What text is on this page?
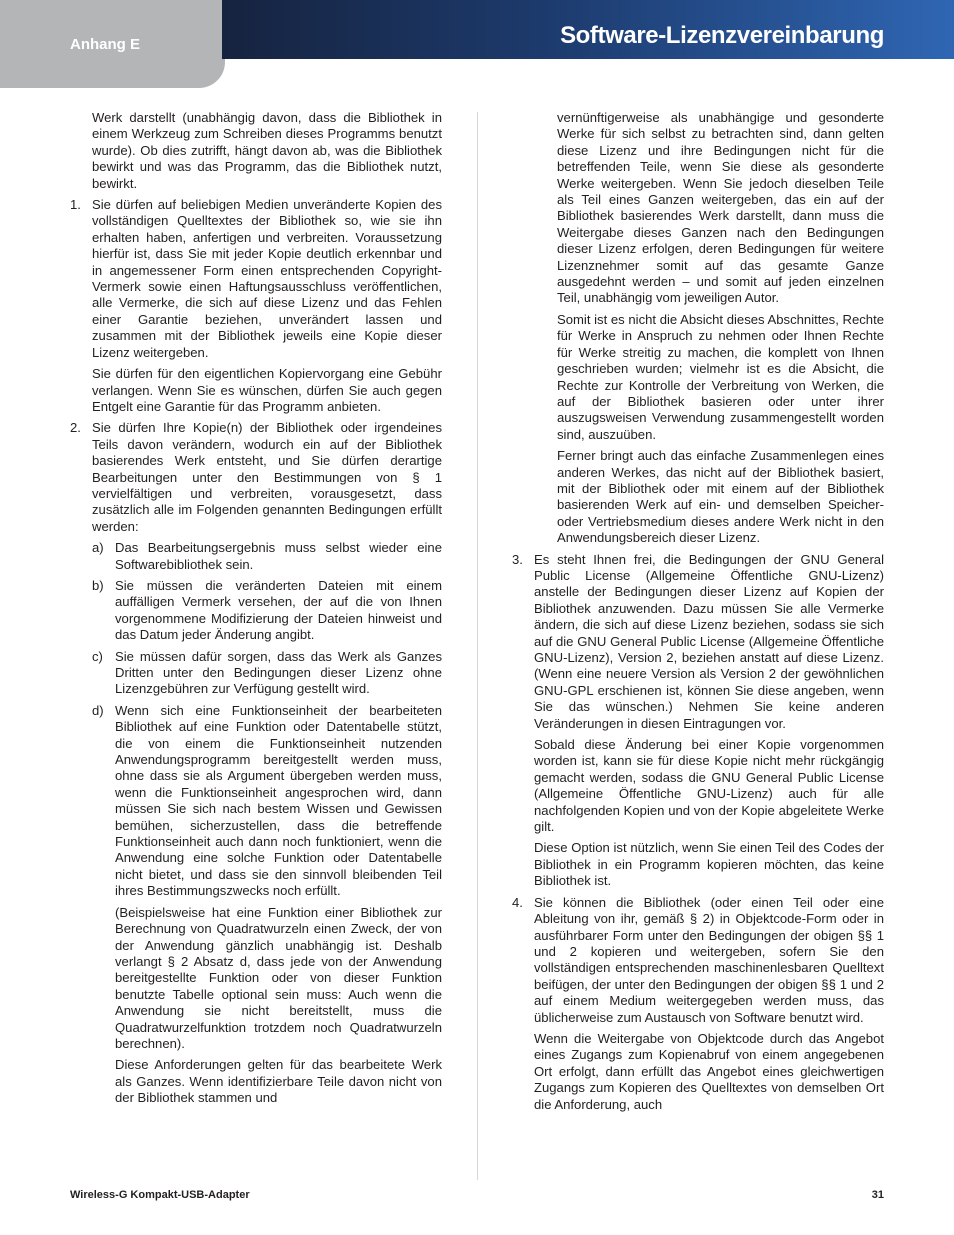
Anhang E	Software-Lizenzvereinbarung

Werk darstellt (unabhängig davon, dass die Bibliothek in einem Werkzeug zum Schreiben dieses Programms benutzt wurde). Ob dies zutrifft, hängt davon ab, was die Bibliothek bewirkt und was das Programm, das die Bibliothek nutzt, bewirkt.

1. Sie dürfen auf beliebigen Medien unveränderte Kopien des vollständigen Quelltextes der Bibliothek so, wie sie ihn erhalten haben, anfertigen und verbreiten. Voraussetzung hierfür ist, dass Sie mit jeder Kopie deutlich erkennbar und in angemessener Form einen entsprechenden Copyright-Vermerk sowie einen Haftungsausschluss veröffentlichen, alle Vermerke, die sich auf diese Lizenz und das Fehlen einer Garantie beziehen, unverändert lassen und zusammen mit der Bibliothek jeweils eine Kopie dieser Lizenz weitergeben.

Sie dürfen für den eigentlichen Kopiervorgang eine Gebühr verlangen. Wenn Sie es wünschen, dürfen Sie auch gegen Entgelt eine Garantie für das Programm anbieten.

2. Sie dürfen Ihre Kopie(n) der Bibliothek oder irgendeines Teils davon verändern, wodurch ein auf der Bibliothek basierendes Werk entsteht, und Sie dürfen derartige Bearbeitungen unter den Bestimmungen von § 1 vervielfältigen und verbreiten, vorausgesetzt, dass zusätzlich alle im Folgenden genannten Bedingungen erfüllt werden:

a) Das Bearbeitungsergebnis muss selbst wieder eine Softwarebibliothek sein.

b) Sie müssen die veränderten Dateien mit einem auffälligen Vermerk versehen, der auf die von Ihnen vorgenommene Modifizierung der Dateien hinweist und das Datum jeder Änderung angibt.

c) Sie müssen dafür sorgen, dass das Werk als Ganzes Dritten unter den Bedingungen dieser Lizenz ohne Lizenzgebühren zur Verfügung gestellt wird.

d) Wenn sich eine Funktionseinheit der bearbeiteten Bibliothek auf eine Funktion oder Datentabelle stützt, die von einem die Funktionseinheit nutzenden Anwendungsprogramm bereitgestellt werden muss, ohne dass sie als Argument übergeben werden muss, wenn die Funktionseinheit angesprochen wird, dann müssen Sie sich nach bestem Wissen und Gewissen bemühen, sicherzustellen, dass die betreffende Funktionseinheit auch dann noch funktioniert, wenn die Anwendung eine solche Funktion oder Datentabelle nicht bietet, und dass sie den sinnvoll bleibenden Teil ihres Bestimmungszwecks noch erfüllt.

(Beispielsweise hat eine Funktion einer Bibliothek zur Berechnung von Quadratwurzeln einen Zweck, der von der Anwendung gänzlich unabhängig ist. Deshalb verlangt § 2 Absatz d, dass jede von der Anwendung bereitgestellte Funktion oder von dieser Funktion benutzte Tabelle optional sein muss: Auch wenn die Anwendung sie nicht bereitstellt, muss die Quadratwurzelfunktion trotzdem noch Quadratwurzeln berechnen).

Diese Anforderungen gelten für das bearbeitete Werk als Ganzes. Wenn identifizierbare Teile davon nicht von der Bibliothek stammen und

vernünftigerweise als unabhängige und gesonderte Werke für sich selbst zu betrachten sind, dann gelten diese Lizenz und ihre Bedingungen nicht für die betreffenden Teile, wenn Sie diese als gesonderte Werke weitergeben. Wenn Sie jedoch dieselben Teile als Teil eines Ganzen weitergeben, das ein auf der Bibliothek basierendes Werk darstellt, dann muss die Weitergabe dieses Ganzen nach den Bedingungen dieser Lizenz erfolgen, deren Bedingungen für weitere Lizenznehmer somit auf das gesamte Ganze ausgedehnt werden – und somit auf jeden einzelnen Teil, unabhängig vom jeweiligen Autor.

Somit ist es nicht die Absicht dieses Abschnittes, Rechte für Werke in Anspruch zu nehmen oder Ihnen Rechte für Werke streitig zu machen, die komplett von Ihnen geschrieben wurden; vielmehr ist es die Absicht, die Rechte zur Kontrolle der Verbreitung von Werken, die auf der Bibliothek basieren oder unter ihrer auszugsweisen Verwendung zusammengestellt worden sind, auszuüben.

Ferner bringt auch das einfache Zusammenlegen eines anderen Werkes, das nicht auf der Bibliothek basiert, mit der Bibliothek oder mit einem auf der Bibliothek basierenden Werk auf ein- und demselben Speicher- oder Vertriebsmedium dieses andere Werk nicht in den Anwendungsbereich dieser Lizenz.

3. Es steht Ihnen frei, die Bedingungen der GNU General Public License (Allgemeine Öffentliche GNU-Lizenz) anstelle der Bedingungen dieser Lizenz auf Kopien der Bibliothek anzuwenden. Dazu müssen Sie alle Vermerke ändern, die sich auf diese Lizenz beziehen, sodass sie sich auf die GNU General Public License (Allgemeine Öffentliche GNU-Lizenz), Version 2, beziehen anstatt auf diese Lizenz. (Wenn eine neuere Version als Version 2 der gewöhnlichen GNU-GPL erschienen ist, können Sie diese angeben, wenn Sie das wünschen.) Nehmen Sie keine anderen Veränderungen in diesen Eintragungen vor.

Sobald diese Änderung bei einer Kopie vorgenommen worden ist, kann sie für diese Kopie nicht mehr rückgängig gemacht werden, sodass die GNU General Public License (Allgemeine Öffentliche GNU-Lizenz) auch für alle nachfolgenden Kopien und von der Kopie abgeleitete Werke gilt.

Diese Option ist nützlich, wenn Sie einen Teil des Codes der Bibliothek in ein Programm kopieren möchten, das keine Bibliothek ist.

4. Sie können die Bibliothek (oder einen Teil oder eine Ableitung von ihr, gemäß § 2) in Objektcode-Form oder in ausführbarer Form unter den Bedingungen der obigen §§ 1 und 2 kopieren und weitergeben, sofern Sie den vollständigen entsprechenden maschinenlesbaren Quelltext beifügen, der unter den Bedingungen der obigen §§ 1 und 2 auf einem Medium weitergegeben werden muss, das üblicherweise zum Austausch von Software benutzt wird.

Wenn die Weitergabe von Objektcode durch das Angebot eines Zugangs zum Kopienabruf von einem angegebenen Ort erfolgt, dann erfüllt das Angebot eines gleichwertigen Zugangs zum Kopieren des Quelltextes von demselben Ort die Anforderung, auch

Wireless-G Kompakt-USB-Adapter	31
